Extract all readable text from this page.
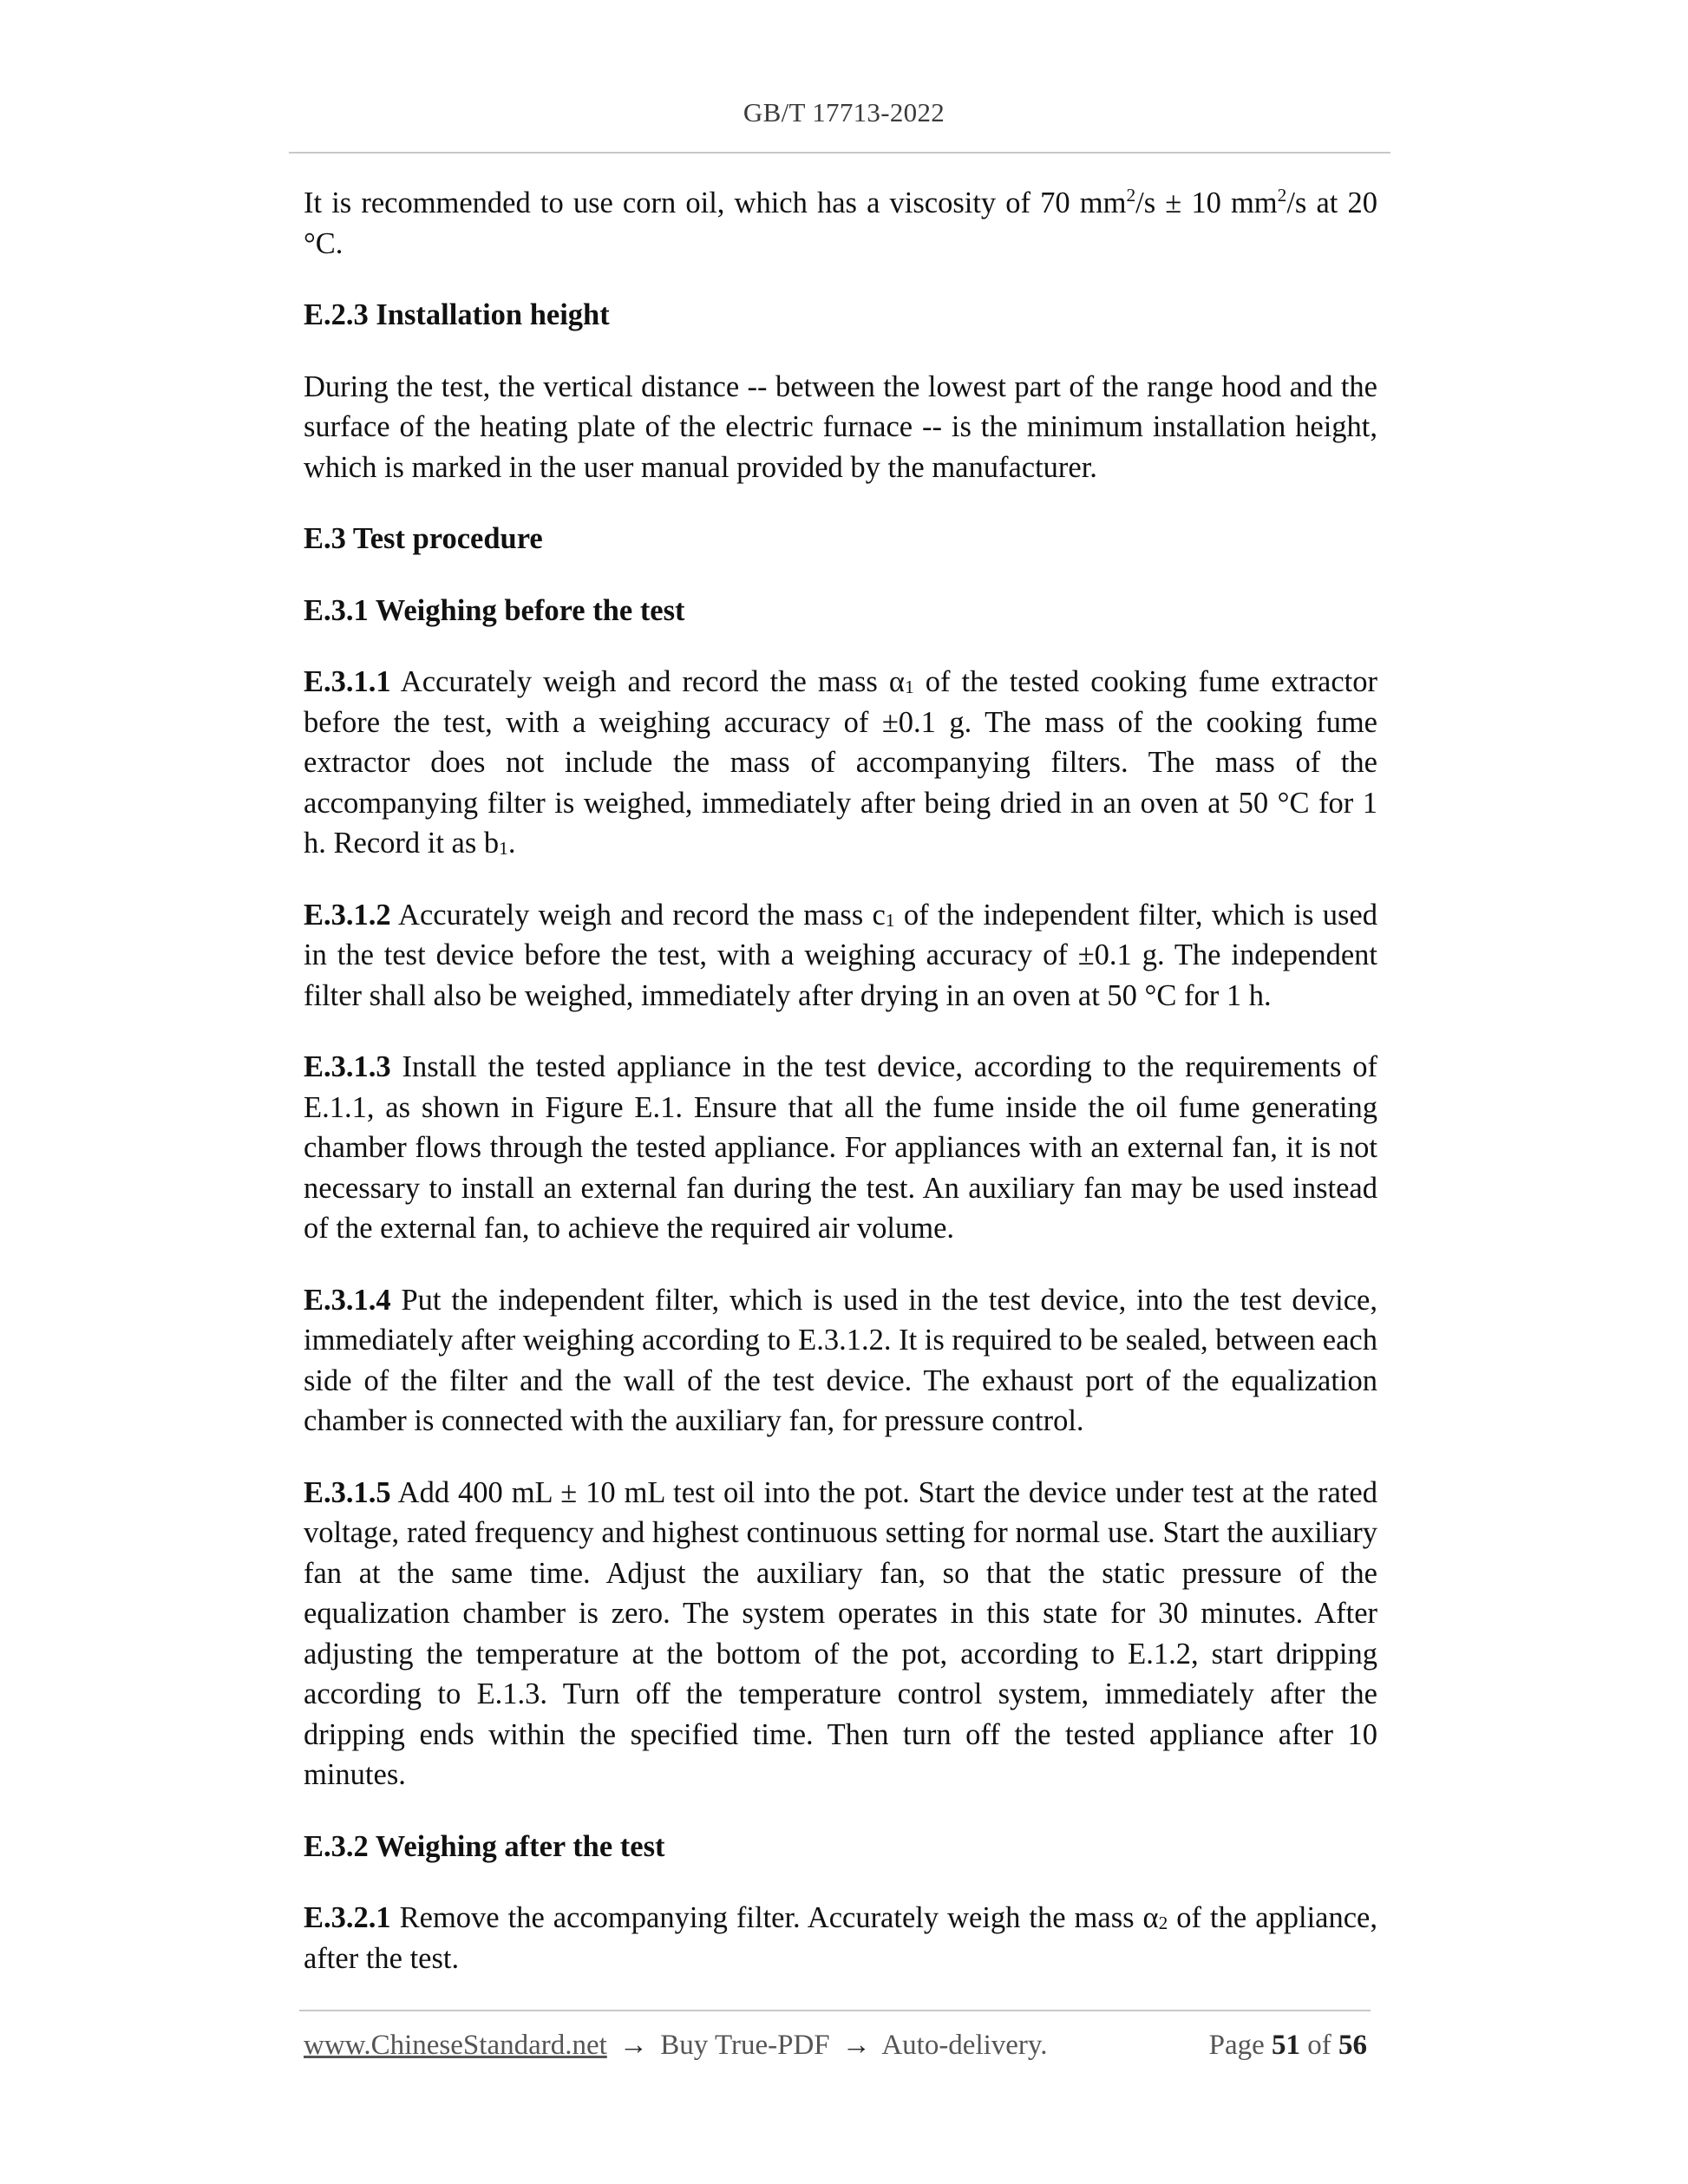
GB/T 17713-2022

It is recommended to use corn oil, which has a viscosity of 70 $mm^2/s \pm 10$ $mm^2/s$ at 20 °C.

E.2.3 Installation height

During the test, the vertical distance -- between the lowest part of the range hood and the surface of the heating plate of the electric furnace -- is the minimum installation height, which is marked in the user manual provided by the manufacturer.

E.3 Test procedure

E.3.1 Weighing before the test

E.3.1.1 Accurately weigh and record the mass $\alpha_1$ of the tested cooking fume extractor before the test, with a weighing accuracy of ±0.1 g. The mass of the cooking fume extractor does not include the mass of accompanying filters. The mass of the accompanying filter is weighed, immediately after being dried in an oven at 50 °C for 1 h. Record it as $b_1$.

E.3.1.2 Accurately weigh and record the mass $c_1$ of the independent filter, which is used in the test device before the test, with a weighing accuracy of ±0.1 g. The independent filter shall also be weighed, immediately after drying in an oven at 50 °C for 1 h.

E.3.1.3 Install the tested appliance in the test device, according to the requirements of E.1.1, as shown in Figure E.1. Ensure that all the fume inside the oil fume generating chamber flows through the tested appliance. For appliances with an external fan, it is not necessary to install an external fan during the test. An auxiliary fan may be used instead of the external fan, to achieve the required air volume.

E.3.1.4 Put the independent filter, which is used in the test device, into the test device, immediately after weighing according to E.3.1.2. It is required to be sealed, between each side of the filter and the wall of the test device. The exhaust port of the equalization chamber is connected with the auxiliary fan, for pressure control.

E.3.1.5 Add 400 mL ± 10 mL test oil into the pot. Start the device under test at the rated voltage, rated frequency and highest continuous setting for normal use. Start the auxiliary fan at the same time. Adjust the auxiliary fan, so that the static pressure of the equalization chamber is zero. The system operates in this state for 30 minutes. After adjusting the temperature at the bottom of the pot, according to E.1.2, start dripping according to E.1.3. Turn off the temperature control system, immediately after the dripping ends within the specified time. Then turn off the tested appliance after 10 minutes.

E.3.2 Weighing after the test

E.3.2.1 Remove the accompanying filter. Accurately weigh the mass $\alpha_2$ of the appliance, after the test.

www.ChineseStandard.net → Buy True-PDF → Auto-delivery.	Page 51 of 56
